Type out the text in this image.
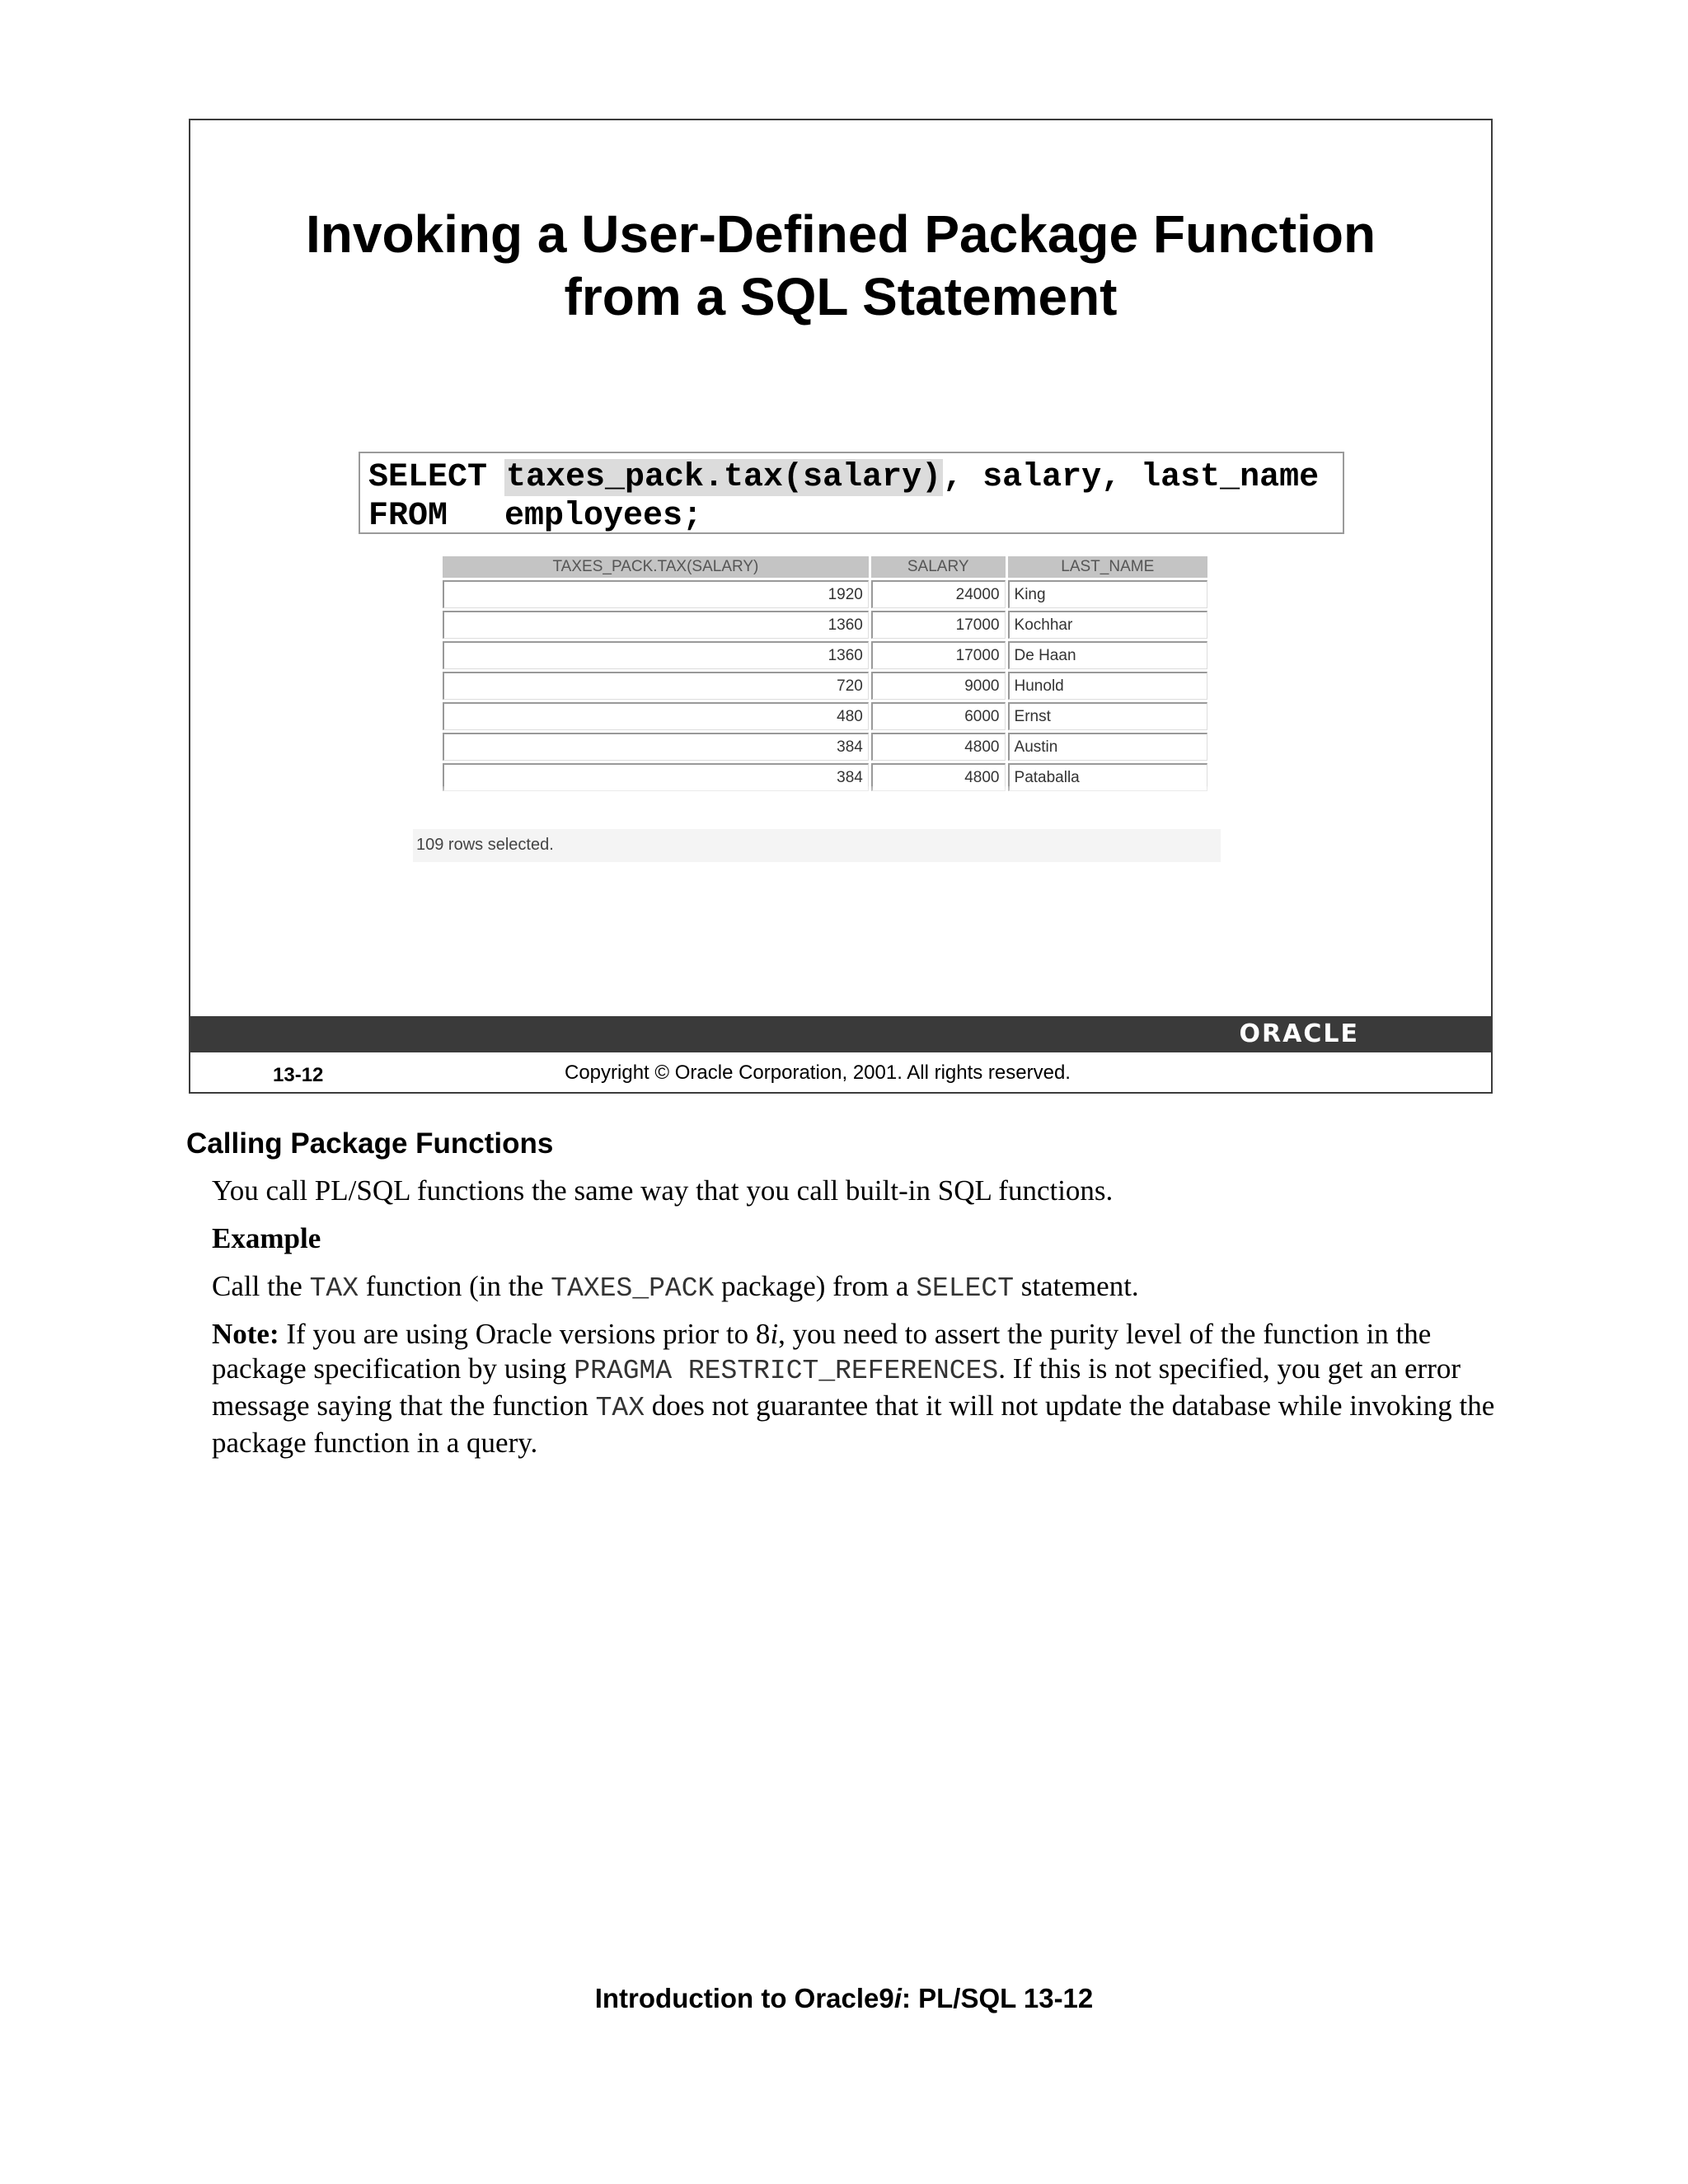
Invoking a User-Defined Package Function
from a SQL Statement
SELECT taxes_pack.tax(salary), salary, last_name
FROM employees;
ORACLE
13-12	Copyright © Oracle Corporation, 2001. All rights reserved.
TAXES_PACK.TAX(SALARY)	SALARY	LAST_NAME
1920	24000	King
1360	17000	Kochhar
1360	17000	De Haan
720	9000	Hunold
480	6000	Ernst
384	4800	Austin
384	4800	Pataballa
109 rows selected.
Calling Package Functions
You call PL/SQL functions the same way that you call built-in SQL functions.
Example
Call the TAX function (in the TAXES_PACK package) from a SELECT statement.
Note: If you are using Oracle versions prior to 8i, you need to assert the purity level of the function in the package specification by using PRAGMA RESTRICT_REFERENCES. If this is not specified, you get an error message saying that the function TAX does not guarantee that it will not update the database while invoking the package function in a query.
Introduction to Oracle9i: PL/SQL 13-12
